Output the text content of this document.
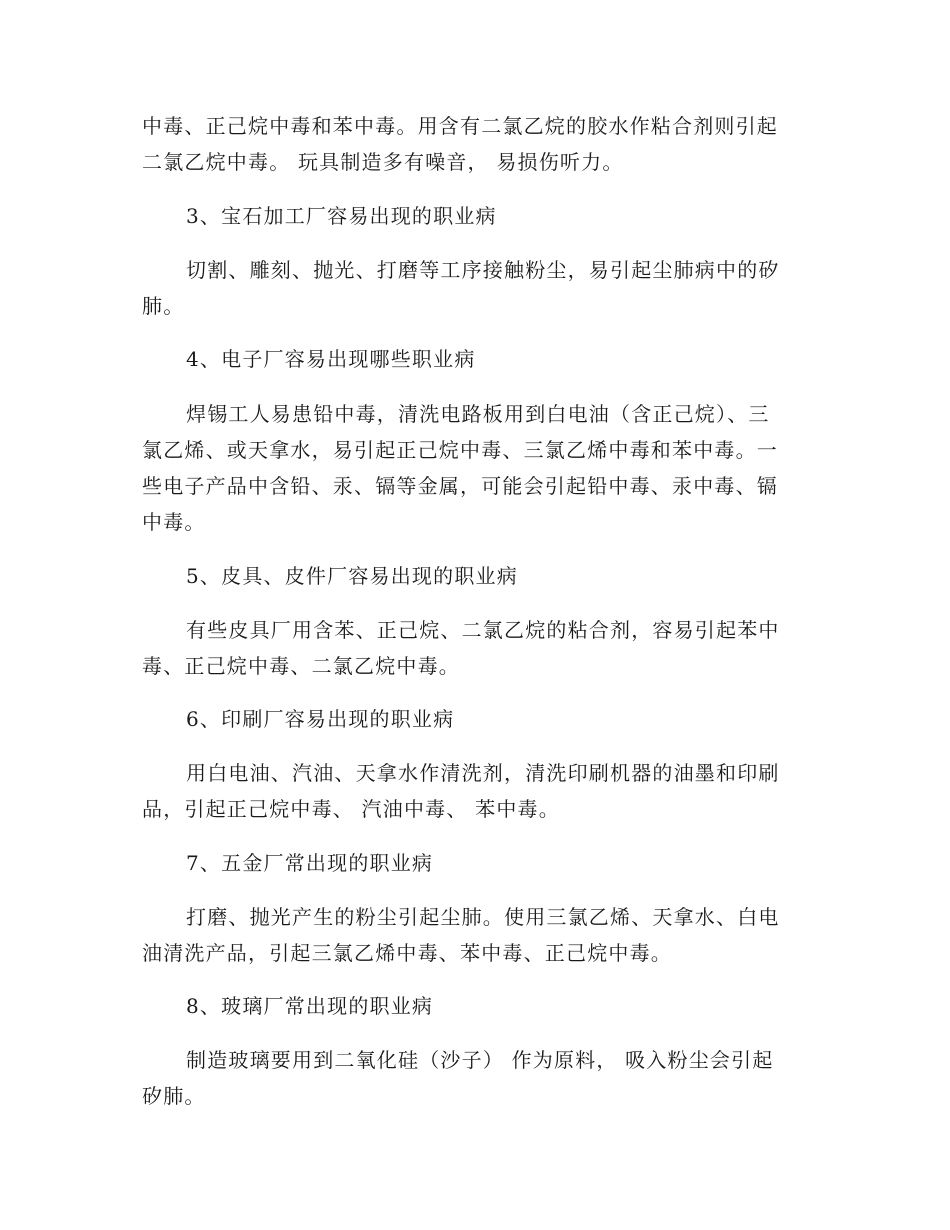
中毒、正己烷中毒和苯中毒。用含有二氯乙烷的胶水作粘合剂则引起
二氯乙烷中毒。 玩具制造多有噪音， 易损伤听力。
3、宝石加工厂容易出现的职业病
切割、雕刻、抛光、打磨等工序接触粉尘，易引起尘肺病中的矽
肺。
4、电子厂容易出现哪些职业病
焊锡工人易患铅中毒，清洗电路板用到白电油（含正己烷）、三
氯乙烯、或天拿水，易引起正己烷中毒、三氯乙烯中毒和苯中毒。一
些电子产品中含铅、汞、镉等金属，可能会引起铅中毒、汞中毒、镉
中毒。
5、皮具、皮件厂容易出现的职业病
有些皮具厂用含苯、正己烷、二氯乙烷的粘合剂，容易引起苯中
毒、正己烷中毒、二氯乙烷中毒。
6、印刷厂容易出现的职业病
用白电油、汽油、天拿水作清洗剂，清洗印刷机器的油墨和印刷
品，引起正己烷中毒、 汽油中毒、 苯中毒。
7、五金厂常出现的职业病
打磨、抛光产生的粉尘引起尘肺。使用三氯乙烯、天拿水、白电
油清洗产品，引起三氯乙烯中毒、苯中毒、正己烷中毒。
8、玻璃厂常出现的职业病
制造玻璃要用到二氧化硅（沙子） 作为原料， 吸入粉尘会引起
矽肺。
